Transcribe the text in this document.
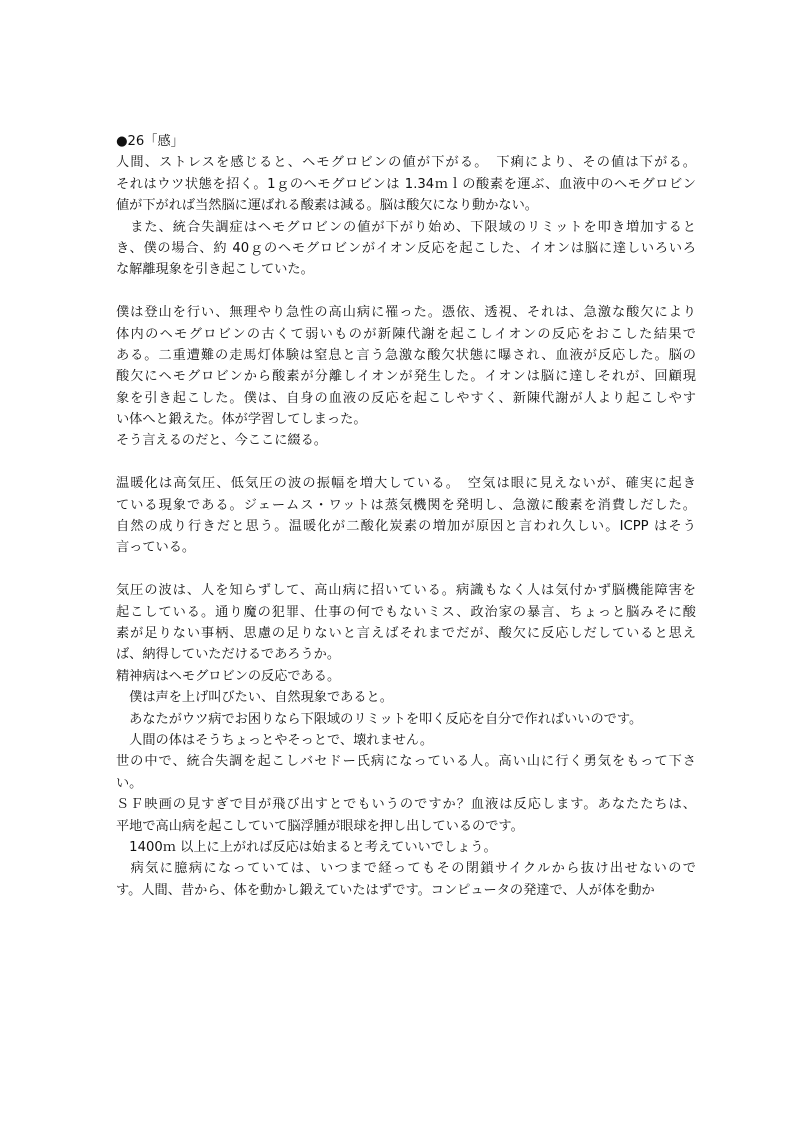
●26「感」
人間、ストレスを感じると、ヘモグロビンの値が下がる。　下痢により、その値は下がる。
それはウツ状態を招く。1ｇのヘモグロビンは 1.34ｍｌの酸素を運ぶ、血液中のヘモグロビン
値が下がれば当然脳に運ばれる酸素は減る。脳は酸欠になり動かない。
　また、統合失調症はヘモグロビンの値が下がり始め、下限域のリミットを叩き増加すると
き、僕の場合、約 40ｇのヘモグロビンがイオン反応を起こした、イオンは脳に達しいろいろ
な解離現象を引き起こしていた。
僕は登山を行い、無理やり急性の高山病に罹った。憑依、透視、それは、急激な酸欠により
体内のヘモグロビンの古くて弱いものが新陳代謝を起こしイオンの反応をおこした結果で
ある。二重遭難の走馬灯体験は窒息と言う急激な酸欠状態に曝され、血液が反応した。脳の
酸欠にヘモグロビンから酸素が分離しイオンが発生した。イオンは脳に達しそれが、回顧現
象を引き起こした。僕は、自身の血液の反応を起こしやすく、新陳代謝が人より起こしやす
い体へと鍛えた。体が学習してしまった。
そう言えるのだと、今ここに綴る。
温暖化は高気圧、低気圧の波の振幅を増大している。　空気は眼に見えないが、確実に起き
ている現象である。ジェームス・ワットは蒸気機関を発明し、急激に酸素を消費しだした。
自然の成り行きだと思う。温暖化が二酸化炭素の増加が原因と言われ久しい。ICPP はそう
言っている。
気圧の波は、人を知らずして、高山病に招いている。病識もなく人は気付かず脳機能障害を
起こしている。通り魔の犯罪、仕事の何でもないミス、政治家の暴言、ちょっと脳みそに酸
素が足りない事柄、思慮の足りないと言えばそれまでだが、酸欠に反応しだしていると思え
ば、納得していただけるであろうか。
精神病はヘモグロビンの反応である。
　僕は声を上げ叫びたい、自然現象であると。
　あなたがウツ病でお困りなら下限域のリミットを叩く反応を自分で作ればいいのです。
　人間の体はそうちょっとやそっとで、壊れません。
世の中で、統合失調を起こしバセドー氏病になっている人。高い山に行く勇気をもって下さ
い。
ＳＦ映画の見すぎで目が飛び出すとでもいうのですか？血液は反応します。あなたたちは、
平地で高山病を起こしていて脳浮腫が眼球を押し出しているのです。
　1400ｍ 以上に上がれば反応は始まると考えていいでしょう。
　病気に臆病になっていては、いつまで経ってもその閉鎖サイクルから抜け出せないので
す。人間、昔から、体を動かし鍛えていたはずです。コンピュータの発達で、人が体を動か
